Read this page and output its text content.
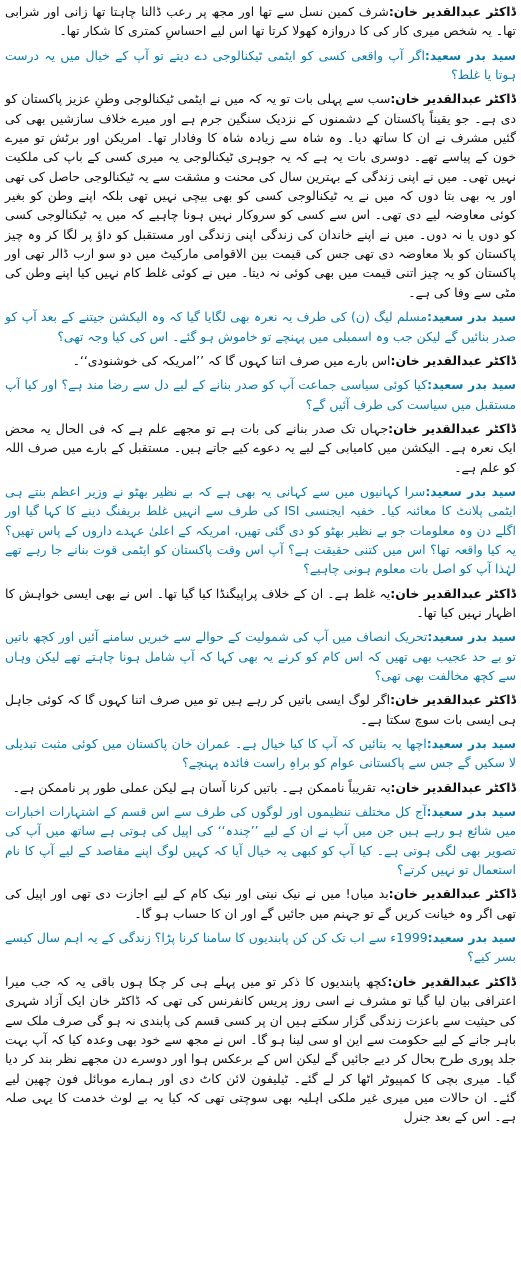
ڈاکٹر عبدالقدیر خان:شرف کمین نسل سے تھا اور مجھ پر رعب ڈالنا چاہتا تھا زانی اور شرابی تھا۔ یہ شخص میری کار کی کا دروازہ کھولا کرتا تھا اس لیے احساسِ کمتری کا شکار تھا۔

سید بدر سعید:اگر آپ واقعی کسی کو ایٹمی ٹیکنالوجی دے دیتے تو آپ کے خیال میں یہ درست ہوتا یا غلط؟

ڈاکٹر عبدالقدیر خان:سب سے پہلی بات تو یہ کہ میں نے ایٹمی ٹیکنالوجی وطنِ عزیز پاکستان کو دی ہے۔ جو یقیناً پاکستان کے دشمنوں کے نزدیک سنگین جرم ہے اور میرے خلاف سازشیں بھی کی گئیں مشرف نے ان کا ساتھ دیا۔ وہ شاہ سے زیادہ شاہ کا وفادار تھا۔ امریکن اور برٹش تو میرے خون کے پیاسے تھے۔ دوسری بات یہ ہے کہ یہ جوہری ٹیکنالوجی یہ میری کسی کے باپ کی ملکیت نہیں تھی۔ میں نے اپنی زندگی کے بہترین سال کی محنت و مشقت سے یہ ٹیکنالوجی حاصل کی تھی اور یہ بھی بتا دوں کہ میں نے یہ ٹیکنالوجی کسی کو بھی بیچی نہیں تھی بلکہ اپنے وطن کو بغیر کوئی معاوضہ لیے دی تھی۔ اس سے کسی کو سروکار نہیں ہونا چاہیے کہ میں یہ ٹیکنالوجی کسی کو دوں یا نہ دوں۔ میں نے اپنے خاندان کی زندگی اپنی زندگی اور مستقبل کو داؤ پر لگا کر وہ چیز پاکستان کو بلا معاوضہ دی تھی جس کی قیمت بین الاقوامی مارکیٹ میں دو سو ارب ڈالر تھی اور پاکستان کو یہ چیز اتنی قیمت میں بھی کوئی نہ دیتا۔ میں نے کوئی غلط کام نہیں کیا اپنے وطن کی مٹی سے وفا کی ہے۔

سید بدر سعید:مسلم لیگ (ن) کی طرف یہ نعرہ بھی لگایا گیا کہ وہ الیکشن جیتنے کے بعد آپ کو صدر بنائیں گے لیکن جب وہ اسمبلی میں پہنچے تو خاموش ہو گئے۔ اس کی کیا وجہ تھی؟

ڈاکٹر عبدالقدیر خان:اس بارے میں صرف اتنا کہوں گا کہ ’’امریکہ کی خوشنودی‘‘۔

سید بدر سعید:کیا کوئی سیاسی جماعت آپ کو صدر بنانے کے لیے دل سے رضا مند ہے؟ اور کیا آپ مستقبل میں سیاست کی طرف آئیں گے؟

ڈاکٹر عبدالقدیر خان:جہاں تک صدر بنانے کی بات ہے تو مجھے علم ہے کہ فی الحال یہ محض ایک نعرہ ہے۔ الیکشن میں کامیابی کے لیے یہ دعوے کیے جاتے ہیں۔ مستقبل کے بارے میں صرف اللہ کو علم ہے۔

سید بدر سعید:سرا کہانیوں میں سے کہانی یہ بھی ہے کہ بے نظیر بھٹو نے وزیر اعظم بنتے ہی ایٹمی پلانٹ کا معائنہ کیا۔ خفیہ ایجنسی ISI کی طرف سے انہیں غلط بریفنگ دینے کا کہا گیا اور اگلے دن وہ معلومات جو بے نظیر بھٹو کو دی گئی تھیں، امریکہ کے اعلیٰ عہدے داروں کے پاس تھیں؟ یہ کیا واقعہ تھا؟ اس میں کتنی حقیقت ہے؟ آپ اس وقت پاکستان کو ایٹمی قوت بنانے جا رہے تھے لہٰذا آپ کو اصل بات معلوم ہونی چاہیے؟

ڈاکٹر عبدالقدیر خان:یہ غلط ہے۔ ان کے خلاف پراپیگنڈا کیا گیا تھا۔ اس نے بھی ایسی خواہش کا اظہار نہیں کیا تھا۔

سید بدر سعید:تحریک انصاف میں آپ کی شمولیت کے حوالے سے خبریں سامنے آئیں اور کچھ باتیں تو بے حد عجیب بھی تھیں کہ اس کام کو کرنے یہ بھی کہا کہ آپ شامل ہونا چاہتے تھے لیکن وہاں سے کچھ مخالفت بھی تھی؟

ڈاکٹر عبدالقدیر خان:اگر لوگ ایسی باتیں کر رہے ہیں تو میں صرف اتنا کہوں گا کہ کوئی جاہل ہی ایسی بات سوچ سکتا ہے۔

سید بدر سعید:اچھا یہ بتائیں کہ آپ کا کیا خیال ہے۔ عمران خان پاکستان میں کوئی مثبت تبدیلی لا سکیں گے جس سے پاکستانی عوام کو براہِ راست فائدہ پہنچے؟

ڈاکٹر عبدالقدیر خان:یہ تقریباً ناممکن ہے۔ باتیں کرنا آسان ہے لیکن عملی طور پر ناممکن ہے۔

سید بدر سعید:آج کل مختلف تنظیموں اور لوگوں کی طرف سے اس قسم کے اشتہارات اخبارات میں شائع ہو رہے ہیں جن میں آپ نے ان کے لیے ’’چندہ‘‘ کی اپیل کی ہوتی ہے ساتھ میں آپ کی تصویر بھی لگی ہوتی ہے۔ کیا آپ کو کبھی یہ خیال آیا کہ کہیں لوگ اپنے مقاصد کے لیے آپ کا نام استعمال تو نہیں کرتے؟

ڈاکٹر عبدالقدیر خان:بد میاں! میں نے نیک نیتی اور نیک کام کے لیے اجازت دی تھی اور اپیل کی تھی اگر وہ خیانت کریں گے تو جہنم میں جائیں گے اور ان کا حساب ہو گا۔

سید بدر سعید:1999ء سے اب تک کن کن پابندیوں کا سامنا کرنا پڑا؟ زندگی کے یہ اہم سال کیسے بسر کیے؟

ڈاکٹر عبدالقدیر خان:کچھ پابندیوں کا ذکر تو میں پہلے ہی کر چکا ہوں باقی یہ کہ جب میرا اعترافی بیان لیا گیا تو مشرف نے اسی روز پریس کانفرنس کی تھی کہ ڈاکٹر خان ایک آزاد شہری کی حیثیت سے باعزت زندگی گزار سکتے ہیں ان پر کسی قسم کی پابندی نہ ہو گی صرف ملک سے باہر جانے کے لیے حکومت سے این او سی لینا ہو گا۔ اس نے مجھ سے خود بھی وعدہ کیا کہ آپ بہت جلد پوری طرح بحال کر دیے جائیں گے لیکن اس کے برعکس ہوا اور دوسرے دن مجھے نظر بند کر دیا گیا۔ میری بچی کا کمپیوٹر اٹھا کر لے گئے۔ ٹیلیفون لائن کاٹ دی اور ہمارے موبائل فون چھین لیے گئے۔ ان حالات میں میری غیر ملکی اہلیہ بھی سوچتی تھی کہ کیا یہ بے لوث خدمت کا یہی صلہ ہے۔ اس کے بعد جنرل
